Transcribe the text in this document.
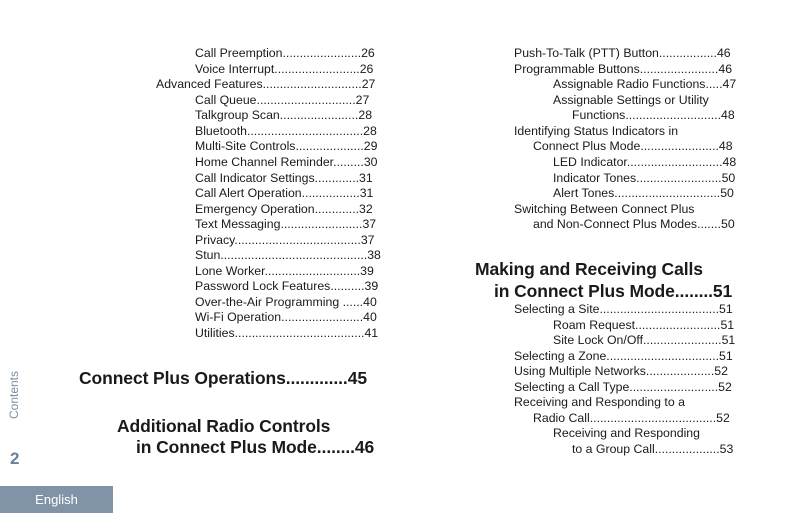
Call Preemption.......................26
Voice Interrupt.........................26
Advanced Features.............................27
Call Queue.............................27
Talkgroup Scan.......................28
Bluetooth..................................28
Multi-Site Controls....................29
Home Channel Reminder.........30
Call Indicator Settings.............31
Call Alert Operation.................31
Emergency Operation.............32
Text Messaging........................37
Privacy.....................................37
Stun...........................................38
Lone Worker............................39
Password Lock Features..........39
Over-the-Air Programming ......40
Wi-Fi Operation........................40
Utilities......................................41
Connect Plus Operations.............45
Additional Radio Controls
in Connect Plus Mode........46
Push-To-Talk (PTT) Button.................46
Programmable Buttons.......................46
Assignable Radio Functions.....47
Assignable Settings or Utility
Functions............................48
Identifying Status Indicators in
Connect Plus Mode.......................48
LED Indicator............................48
Indicator Tones.........................50
Alert Tones...............................50
Switching Between Connect Plus
and Non-Connect Plus Modes.......50
Making and Receiving Calls
in Connect Plus Mode........51
Selecting a Site...................................51
Roam Request.........................51
Site Lock On/Off.......................51
Selecting a Zone.................................51
Using Multiple Networks....................52
Selecting a Call Type..........................52
Receiving and Responding to a
Radio Call.....................................52
Receiving and Responding
to a Group Call...................53
Contents
2
English
